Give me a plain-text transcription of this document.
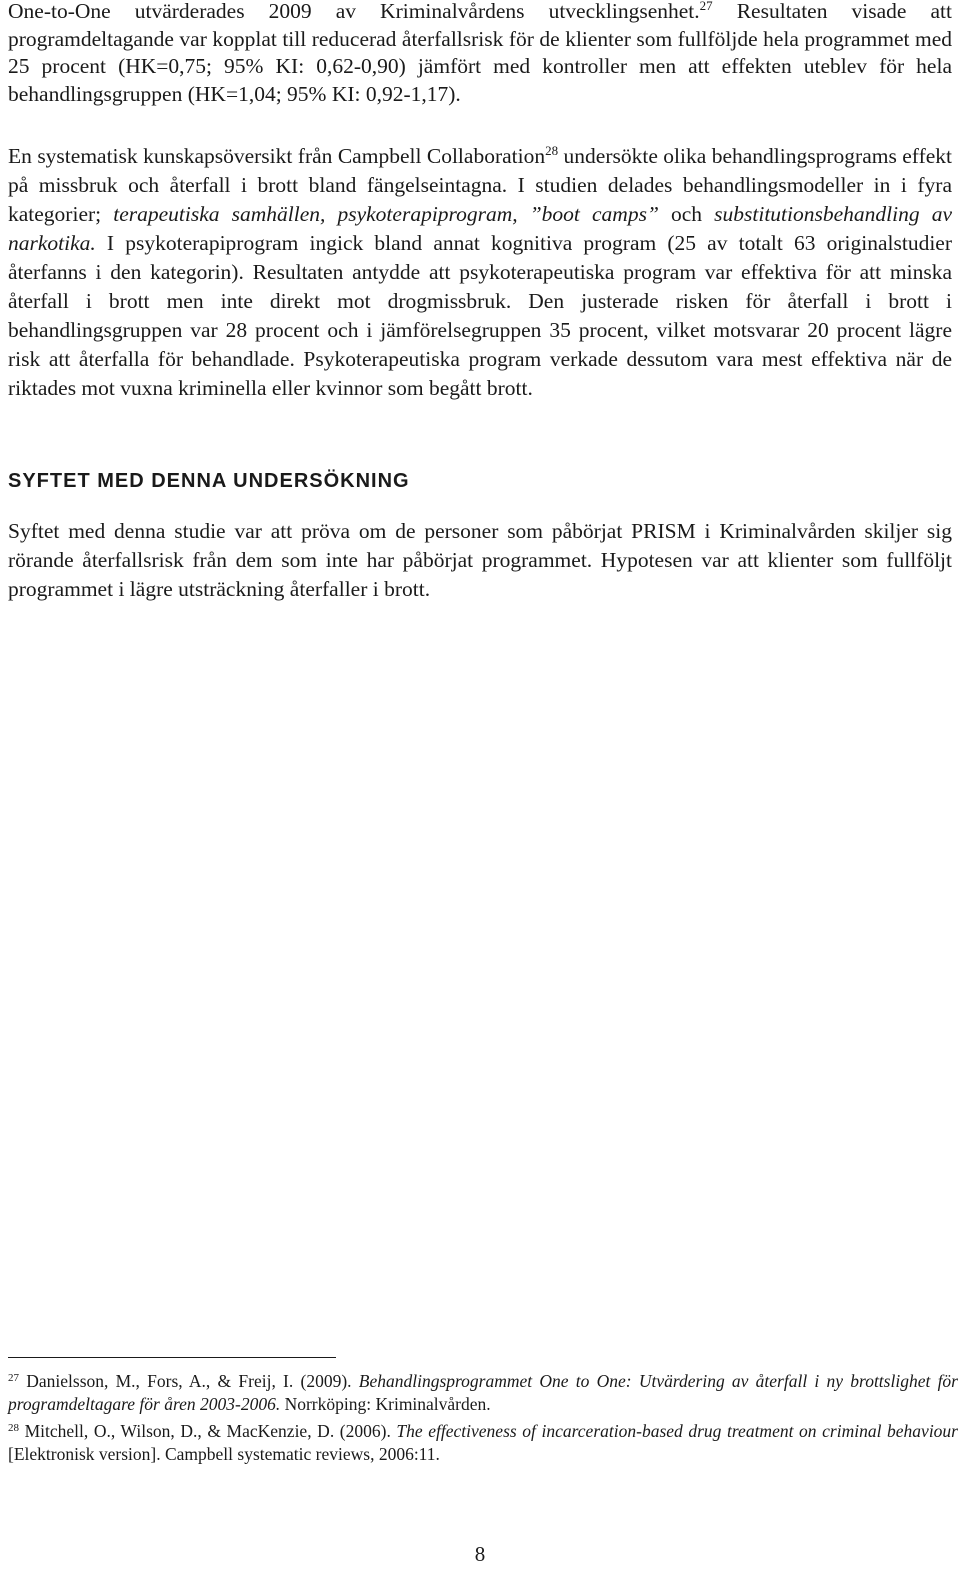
One-to-One utvärderades 2009 av Kriminalvårdens utvecklingsenhet.$^{27}$ Resultaten visade att programdeltagande var kopplat till reducerad återfallsrisk för de klienter som fullföljde hela programmet med 25 procent (HK=0,75; 95% KI: 0,62-0,90) jämfört med kontroller men att effekten uteblev för hela behandlingsgruppen (HK=1,04; 95% KI: 0,92-1,17).

En systematisk kunskapsöversikt från Campbell Collaboration$^{28}$ undersökte olika behandlingsprograms effekt på missbruk och återfall i brott bland fängelseintagna. I studien delades behandlingsmodeller in i fyra kategorier; terapeutiska samhällen, psykoterapiprogram, ”boot camps” och substitutionsbehandling av narkotika. I psykoterapiprogram ingick bland annat kognitiva program (25 av totalt 63 originalstudier återfanns i den kategorin). Resultaten antydde att psykoterapeutiska program var effektiva för att minska återfall i brott men inte direkt mot drogmissbruk. Den justerade risken för återfall i brott i behandlingsgruppen var 28 procent och i jämförelsegruppen 35 procent, vilket motsvarar 20 procent lägre risk att återfalla för behandlade. Psykoterapeutiska program verkade dessutom vara mest effektiva när de riktades mot vuxna kriminella eller kvinnor som begått brott.

SYFTET MED DENNA UNDERSÖKNING

Syftet med denna studie var att pröva om de personer som påbörjat PRISM i Kriminalvården skiljer sig rörande återfallsrisk från dem som inte har påbörjat programmet. Hypotesen var att klienter som fullföljt programmet i lägre utsträckning återfaller i brott.

$^{27}$ Danielsson, M., Fors, A., & Freij, I. (2009). Behandlingsprogrammet One to One: Utvärdering av återfall i ny brottslighet för programdeltagare för åren 2003-2006. Norrköping: Kriminalvården.

$^{28}$ Mitchell, O., Wilson, D., & MacKenzie, D. (2006). The effectiveness of incarceration-based drug treatment on criminal behaviour [Elektronisk version]. Campbell systematic reviews, 2006:11.

8
